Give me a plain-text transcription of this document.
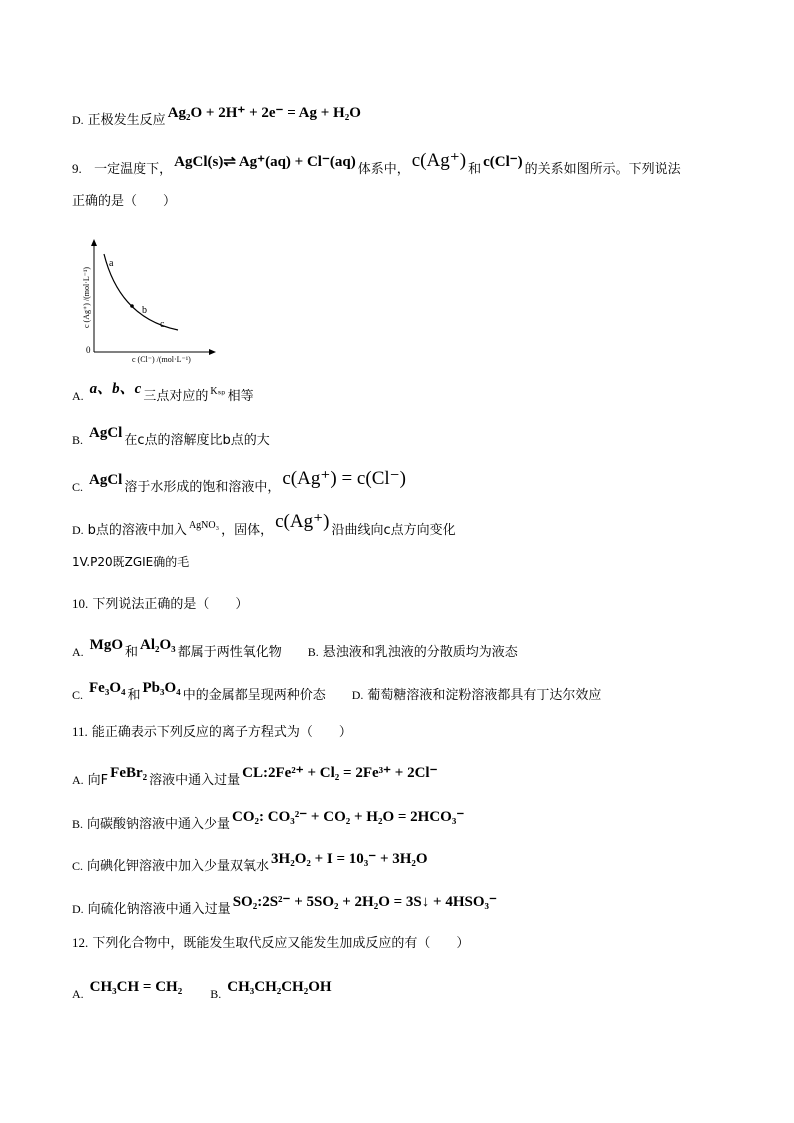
D. 正极发生反应 Ag₂O + 2H⁺ + 2e⁻ = Ag + H₂O
9. 一定温度下， AgCl(s)⇌ Ag⁺(aq) + Cl⁻(aq) 体系中， c(Ag⁺) 和 c(Cl⁻) 的关系如图所示。下列说法
正确的是（　　）
a
b
c
0
c (Cl⁻) /(mol·L⁻¹)
c (Ag⁺) /(mol·L⁻¹)
A. a、b、c 三点对应的 $^{K_{sp}}$ 相等
B. AgCl 在c点的溶解度比b点的大
C. AgCl 溶于水形成的饱和溶液中， c(Ag⁺) = c(Cl⁻)
D. b点的溶液中加入 $^{AgNO_3}$ ，固体， c(Ag⁺) 沿曲线向c点方向变化
1V.P20既ZGIE确的毛
10. 下列说法正确的是（　　）
A. MgO 和 Al₂O₃ 都属于两性氧化物 B. 悬浊液和乳浊液的分散质均为液态
C. Fe₃O₄ 和 Pb₃O₄ 中的金属都呈现两种价态 D. 葡萄糖溶液和淀粉溶液都具有丁达尔效应
11. 能正确表示下列反应的离子方程式为（　　）
A. 向F FeBr₂ 溶液中通入过量 CL:2Fe²⁺ + Cl₂ = 2Fe³⁺ + 2Cl⁻
B. 向碳酸钠溶液中通入少量 CO₂: CO₃²⁻ + CO₂ + H₂O = 2HCO₃⁻
C. 向碘化钾溶液中加入少量双氧水 3H₂O₂ + I = 10₃⁻ + 3H₂O
D. 向硫化钠溶液中通入过量 SO₂:2S²⁻ + 5SO₂ + 2H₂O = 3S↓ + 4HSO₃⁻
12. 下列化合物中，既能发生取代反应又能发生加成反应的有（　　）
A. CH₃CH = CH₂ B. CH₃CH₂CH₂OH
